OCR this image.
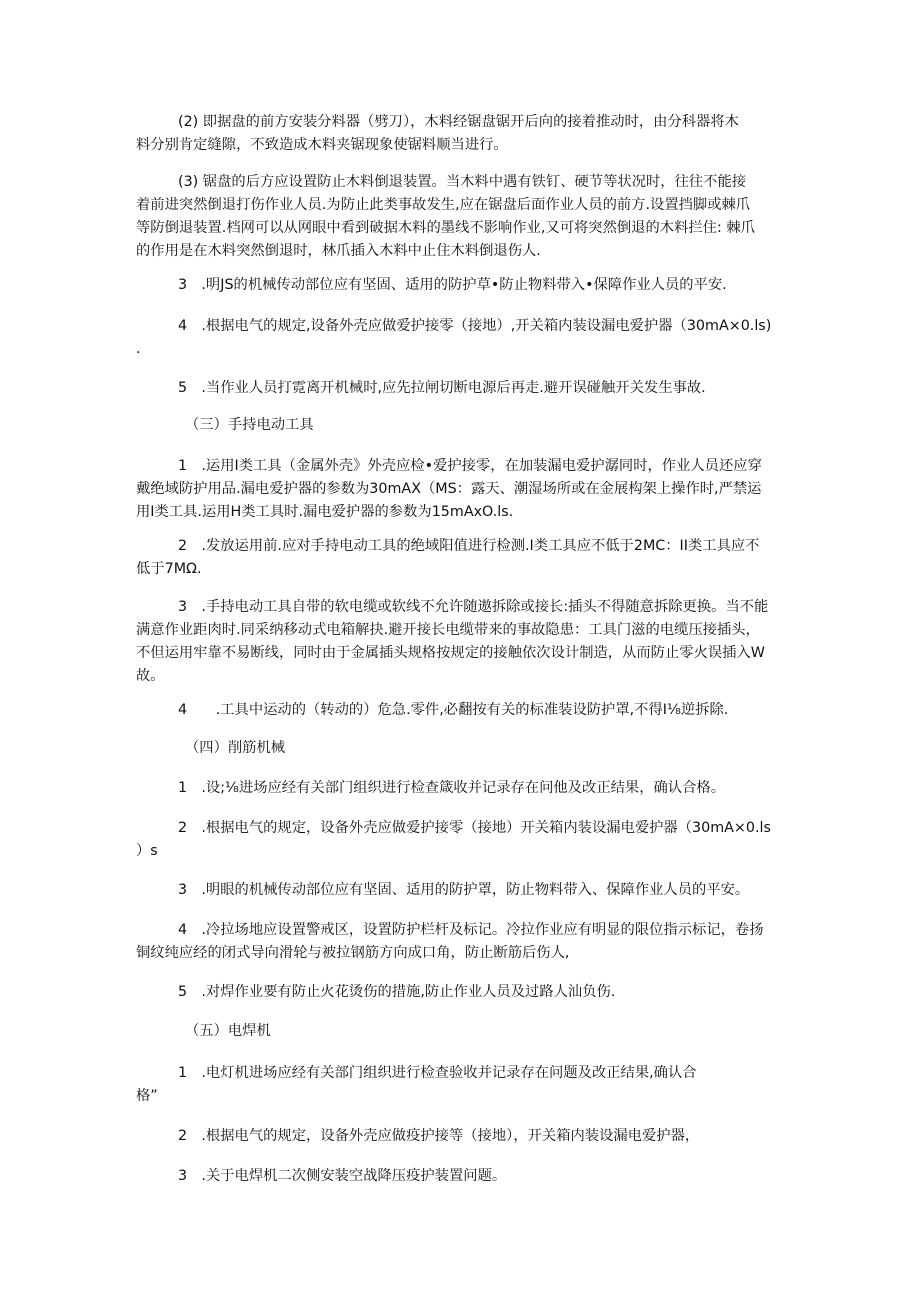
(2) 即据盘的前方安装分料器（劈刀），木料经锯盘锯开后向的接着推动时，由分科器将木
料分别肯定缝隙，不致造成木料夹锯现象使锯料顺当进行。

(3) 锯盘的后方应设置防止木料倒退装置。当木料中遇有铁钉、硬节等状况时，往往不能接
着前进突然倒退打伤作业人员.为防止此类事故发生,应在锯盘后面作业人员的前方.设置挡脚或棘爪
等防倒退装置.档网可以从网眼中看到破据木料的墨线不影响作业,又可将突然倒退的木料拦住: 棘爪
的作用是在木料突然倒退时，林爪插入木料中止住木料倒退伤人.

3　.明JS的机械传动部位应有坚固、适用的防护草•防止物料带入•保障作业人员的平安.

4　.根据电气的规定,设备外壳应做爱护接零（接地）,开关箱内装设漏电爱护器（30mA×0.ls)
.

5　.当作业人员打霓离开机械时,应先拉闸切断电源后再走.避开误碰触开关发生事故.

（三）手持电动工具

1　.运用I类工具（金属外壳》外壳应检•爱护接零，在加装漏电爱护潺同时，作业人员还应穿
戴绝域防护用品.漏电爱护器的参数为30mAX（MS：露天、潮湿场所或在金展构架上操作时,严禁运
用I类工具.运用H类工具时.漏电爱护器的参数为15mAxO.ls.

2　.发放运用前.应对手持电动工具的绝域阳值进行检测.I类工具应不低于2MC：II类工具应不
低于7MΩ.

3　.手持电动工具自带的软电缆或软线不允许随遨拆除或接长:插头不得随意拆除更换。当不能
满意作业距肉时.同采纳移动式电箱解抉.避开接长电缆带来的事故隐患：工具门滋的电缆压接插头，
不但运用牢靠不易断线，同时由于金属插头规格按规定的接触依次设计制造，从而防止零火误插入W
故。

4　　.工具中运动的（转动的）危急.零件,必翻按有关的标准装设防护罩,不得I⅛逆拆除.

（四）削筋机械

1　.设;⅛进场应经有关部门组织进行检查箴收并记录存在问他及改正结果，确认合格。

2　.根据电气的规定，设备外壳应做爱护接零（接地）开关箱内装设漏电爱护器（30mA×0.ls
）s

3　.明眼的机械传动部位应有坚固、适用的防护罩，防止物料带入、保障作业人员的平安。

4　.冷拉场地应设置警戒区，设置防护栏杆及标记。冷拉作业应有明显的限位指示标记，卷扬
铜纹纯应经的闭式导向滑轮与被拉钢筋方向成口角，防止断筋后伤人,

5　.对焊作业要有防止火花烫伤的措施,防止作业人员及过路人汕负伤.

（五）电焊机

1　.电灯机进场应经有关部门组织进行检查验收并记录存在问题及改正结果,确认合
格”

2　.根据电气的规定，设备外壳应做疫护接等（接地），开关箱内装设漏电爱护器，

3　.关于电焊机二次侧安装空战降压疫护装置问题。
